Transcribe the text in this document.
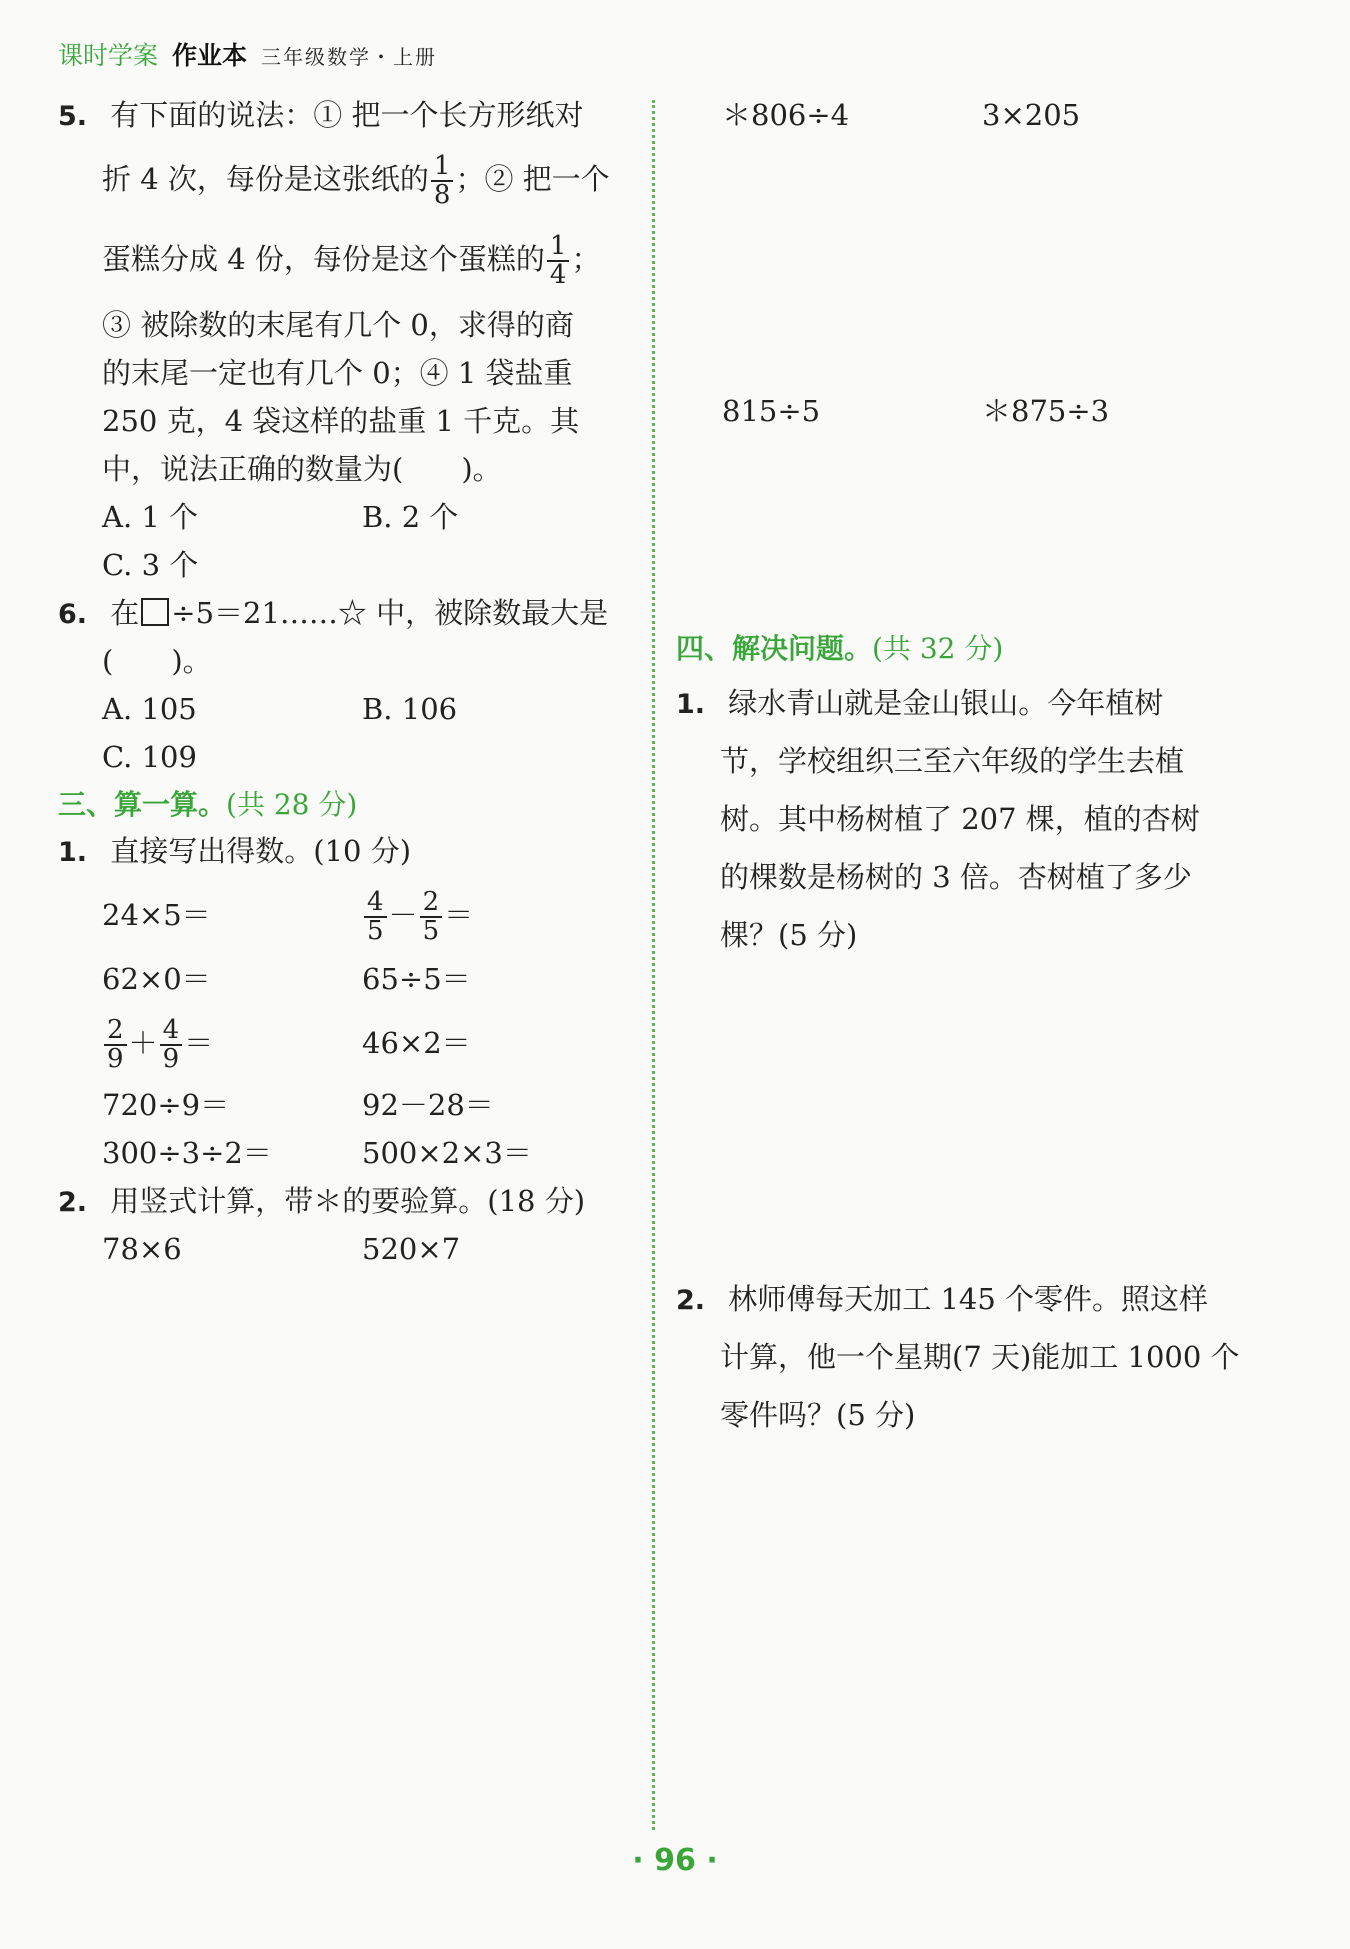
课时学案 作业本 三年级数学・上册
5. 有下面的说法：① 把一个长方形纸对
折 4 次，每份是这张纸的 $\frac{1}{8}$ ；② 把一个
蛋糕分成 4 份，每份是这个蛋糕的 $\frac{1}{4}$ ；
③ 被除数的末尾有几个 0，求得的商
的末尾一定也有几个 0；④ 1 袋盐重
250 克，4 袋这样的盐重 1 千克。其
中，说法正确的数量为(　　)。
A. 1 个	B. 2 个
C. 3 个
6. 在 ÷5＝21……☆ 中，被除数最大是
(　　)。
A. 105	B. 106
C. 109
三、算一算。(共 28 分)
1. 直接写出得数。(10 分)
24×5＝	$\frac{4}{5} - \frac{2}{5}$ ＝
62×0＝	65÷5＝
$\frac{2}{9} + \frac{4}{9}$ ＝	46×2＝
720÷9＝	92－28＝
300÷3÷2＝	500×2×3＝
2. 用竖式计算，带＊的要验算。(18 分)
78×6	520×7
＊806÷4	3×205
815÷5	＊875÷3
四、解决问题。(共 32 分)
1. 绿水青山就是金山银山。今年植树
节，学校组织三至六年级的学生去植
树。其中杨树植了 207 棵，植的杏树
的棵数是杨树的 3 倍。杏树植了多少
棵？(5 分)
2. 林师傅每天加工 145 个零件。照这样
计算，他一个星期(7 天)能加工 1000 个
零件吗？(5 分)
· 96 ·
